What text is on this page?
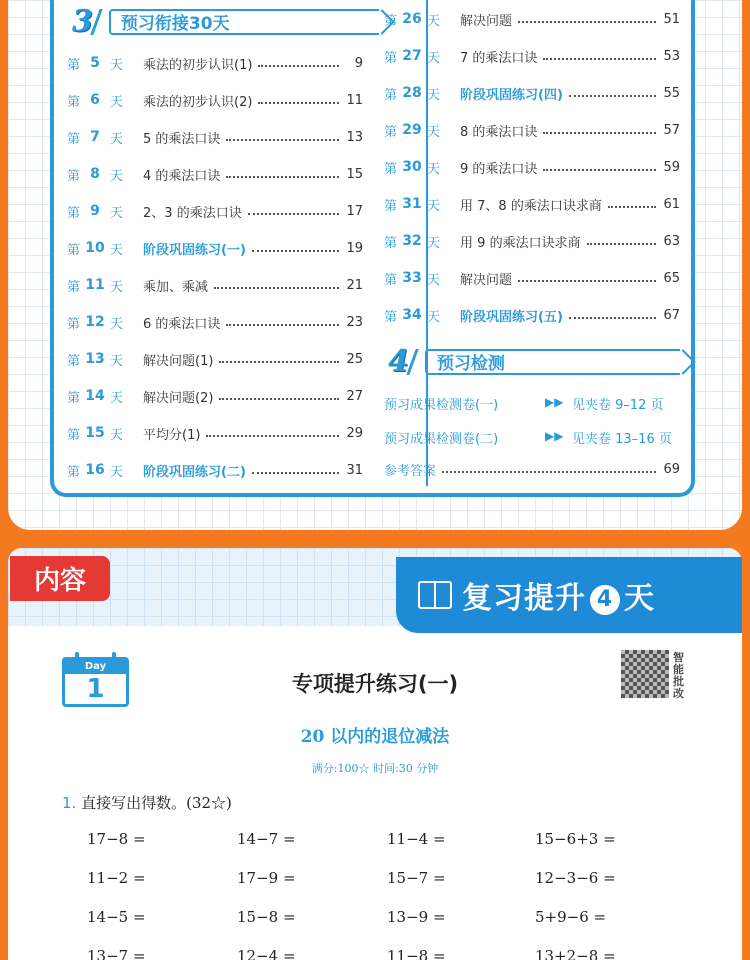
3	预习衔接30天
第 5 天 乘法的初步认识(1)	9
第 6 天 乘法的初步认识(2)	11
第 7 天 5 的乘法口诀	13
第 8 天 4 的乘法口诀	15
第 9 天 2、3 的乘法口诀	17
第 10 天 阶段巩固练习(一)	19
第 11 天 乘加、乘减	21
第 12 天 6 的乘法口诀	23
第 13 天 解决问题(1)	25
第 14 天 解决问题(2)	27
第 15 天 平均分(1)	29
第 16 天 阶段巩固练习(二)	31
第 26 天 解决问题	51
第 27 天 7 的乘法口诀	53
第 28 天 阶段巩固练习(四)	55
第 29 天 8 的乘法口诀	57
第 30 天 9 的乘法口诀	59
第 31 天 用 7、8 的乘法口诀求商	61
第 32 天 用 9 的乘法口诀求商	63
第 33 天 解决问题	65
第 34 天 阶段巩固练习(五)	67
4	预习检测
预习成果检测卷(一)	▶▶ 见夹卷 9–12 页
预习成果检测卷(二)	▶▶ 见夹卷 13–16 页
参考答案	69
内容	复习提升 4 天
Day
1	专项提升练习(一)
智能批改
20 以内的退位减法
满分:100☆ 时间:30 分钟
1. 直接写出得数。(32☆)
17−8 =	14−7 =	11−4 =	15−6+3 =
11−2 =	17−9 =	15−7 =	12−3−6 =
14−5 =	15−8 =	13−9 =	5+9−6 =
13−7 =	12−4 =	11−8 =	13+2−8 =
